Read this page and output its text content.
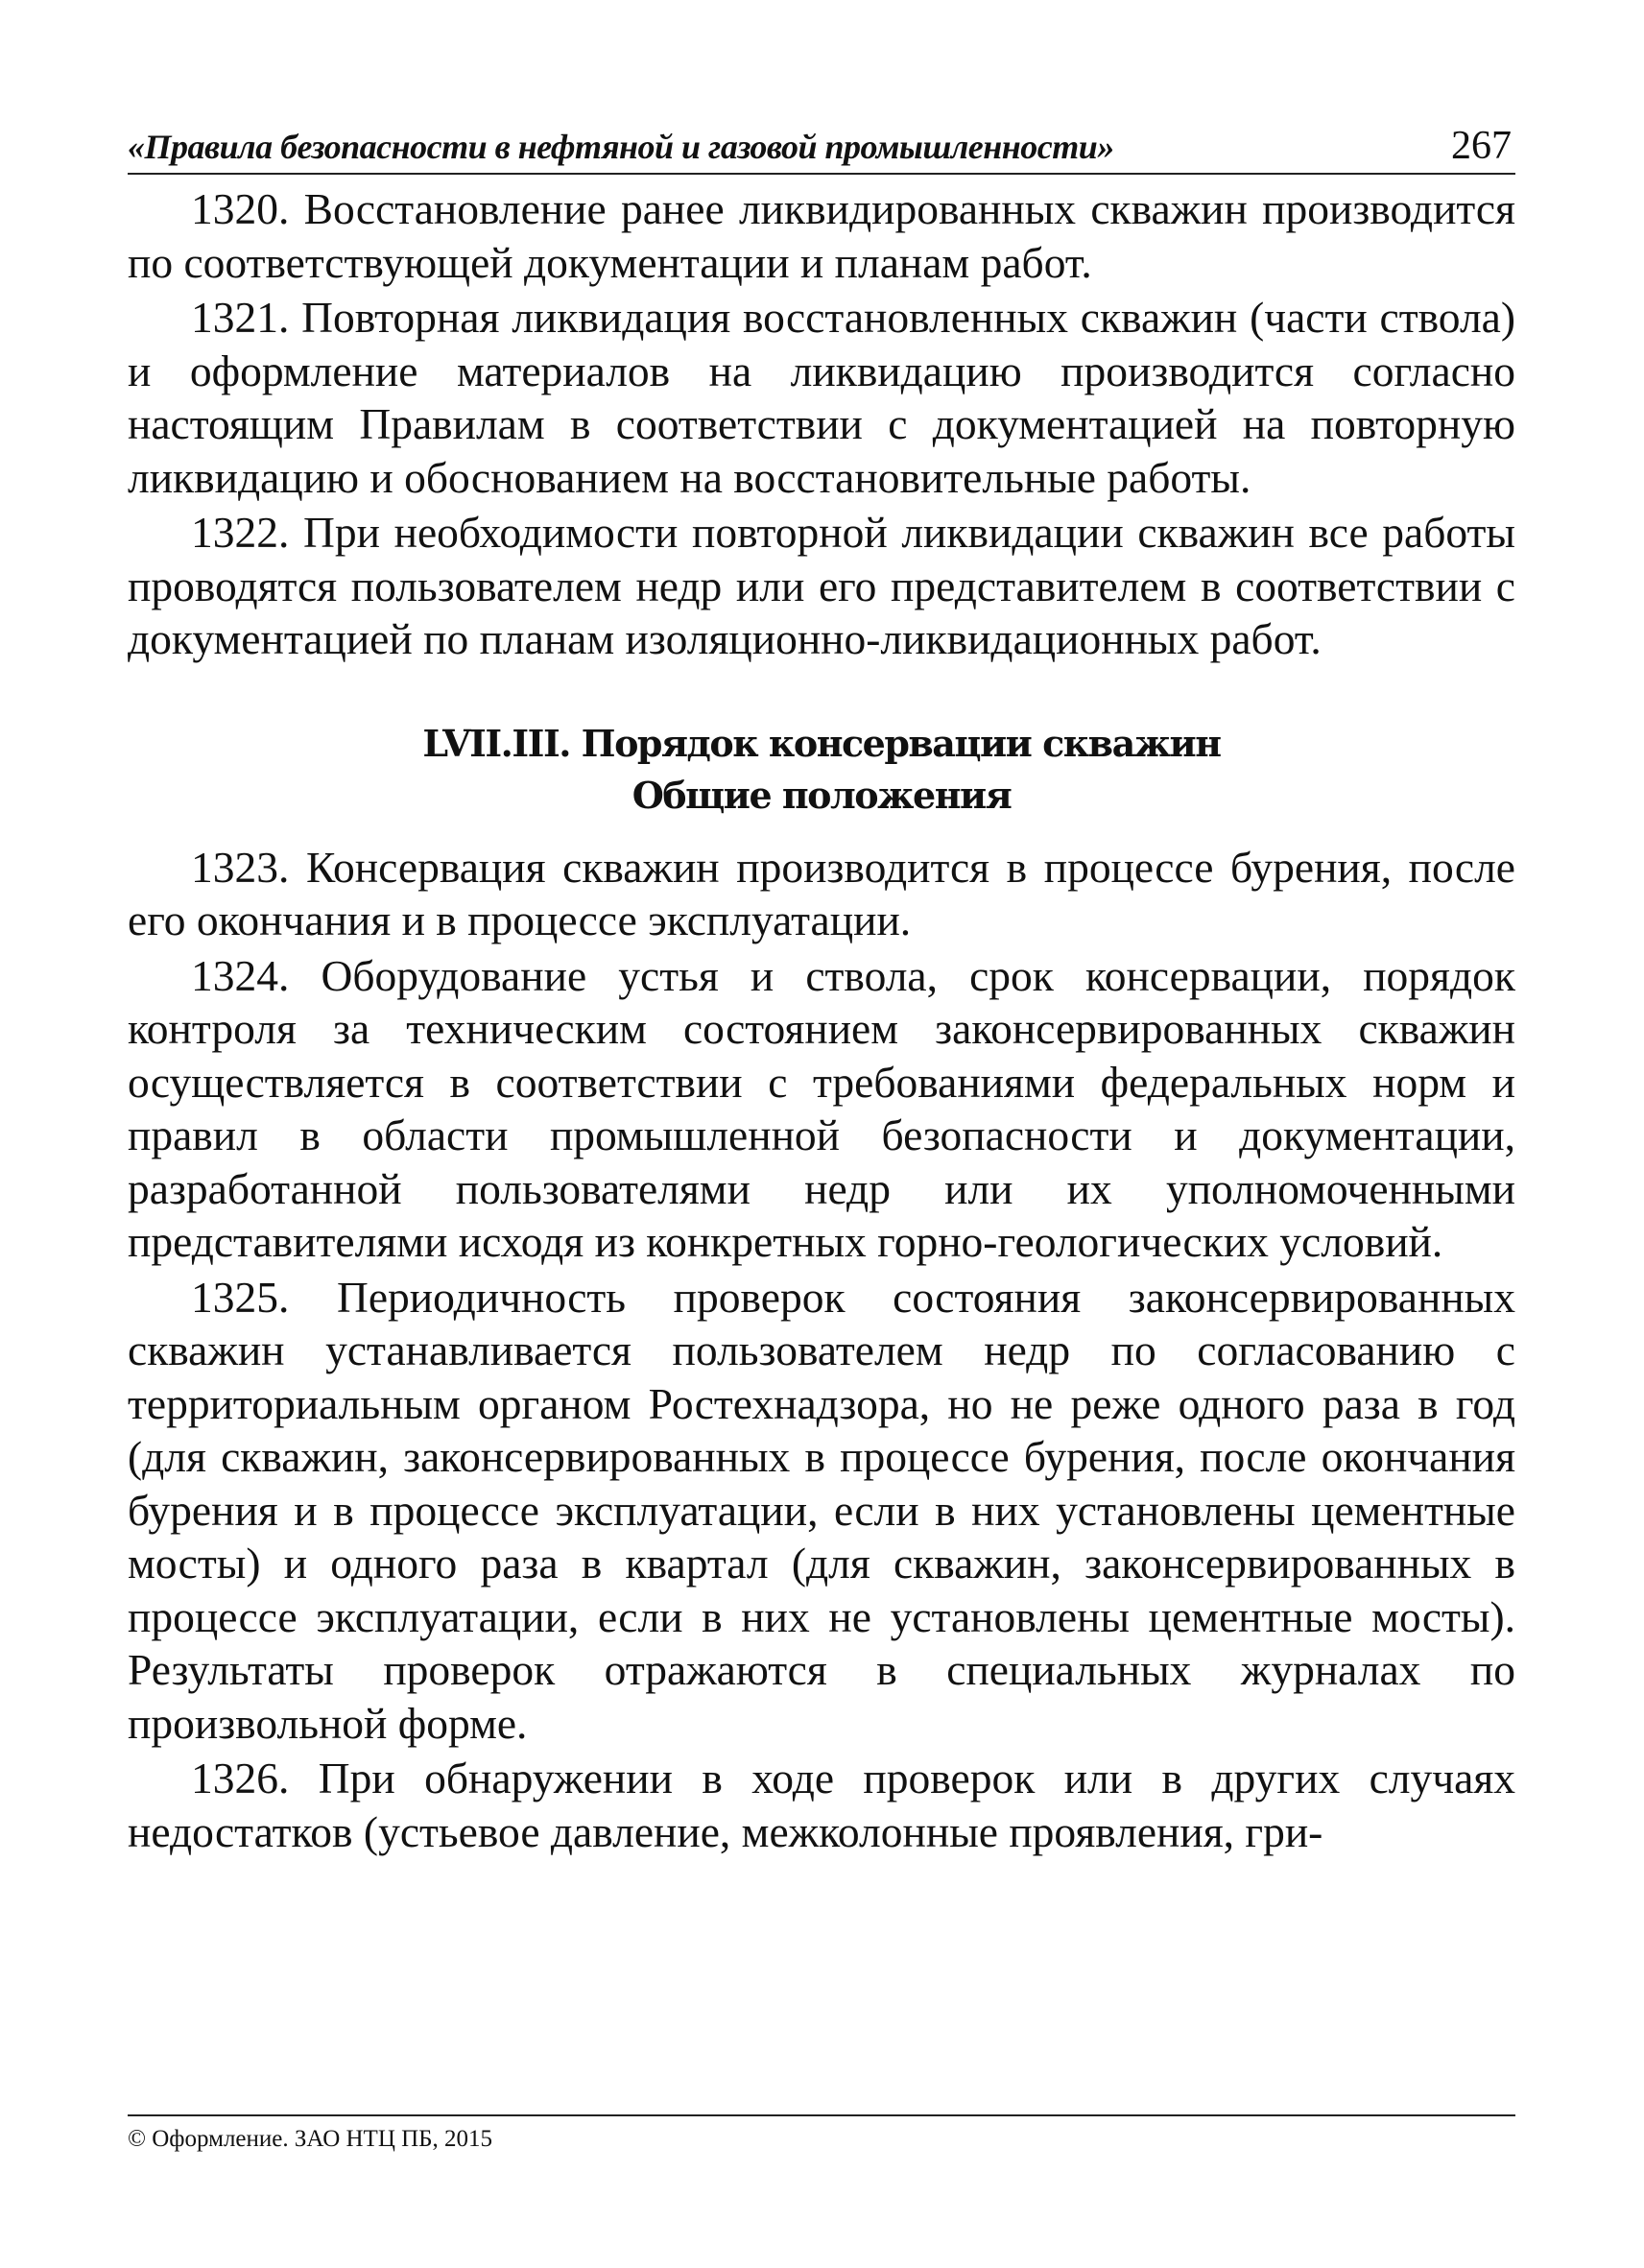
«Правила безопасности в нефтяной и газовой промышленности»	267

1320. Восстановление ранее ликвидированных скважин производится по соответствующей документации и планам работ.

1321. Повторная ликвидация восстановленных скважин (части ствола) и оформление материалов на ликвидацию производится согласно настоящим Правилам в соответствии с документацией на повторную ликвидацию и обоснованием на восстановительные работы.

1322. При необходимости повторной ликвидации скважин все работы проводятся пользователем недр или его представителем в соответствии с документацией по планам изоляционно-ликвидационных работ.

LVII.III. Порядок консервации скважин
Общие положения

1323. Консервация скважин производится в процессе бурения, после его окончания и в процессе эксплуатации.

1324. Оборудование устья и ствола, срок консервации, порядок контроля за техническим состоянием законсервированных скважин осуществляется в соответствии с требованиями федеральных норм и правил в области промышленной безопасности и документации, разработанной пользователями недр или их уполномоченными представителями исходя из конкретных горно-геологических условий.

1325. Периодичность проверок состояния законсервированных скважин устанавливается пользователем недр по согласованию с территориальным органом Ростехнадзора, но не реже одного раза в год (для скважин, законсервированных в процессе бурения, после окончания бурения и в процессе эксплуатации, если в них установлены цементные мосты) и одного раза в квартал (для скважин, законсервированных в процессе эксплуатации, если в них не установлены цементные мосты). Результаты проверок отражаются в специальных журналах по произвольной форме.

1326. При обнаружении в ходе проверок или в других случаях недостатков (устьевое давление, межколонные проявления, гри-

© Оформление. ЗАО НТЦ ПБ, 2015
